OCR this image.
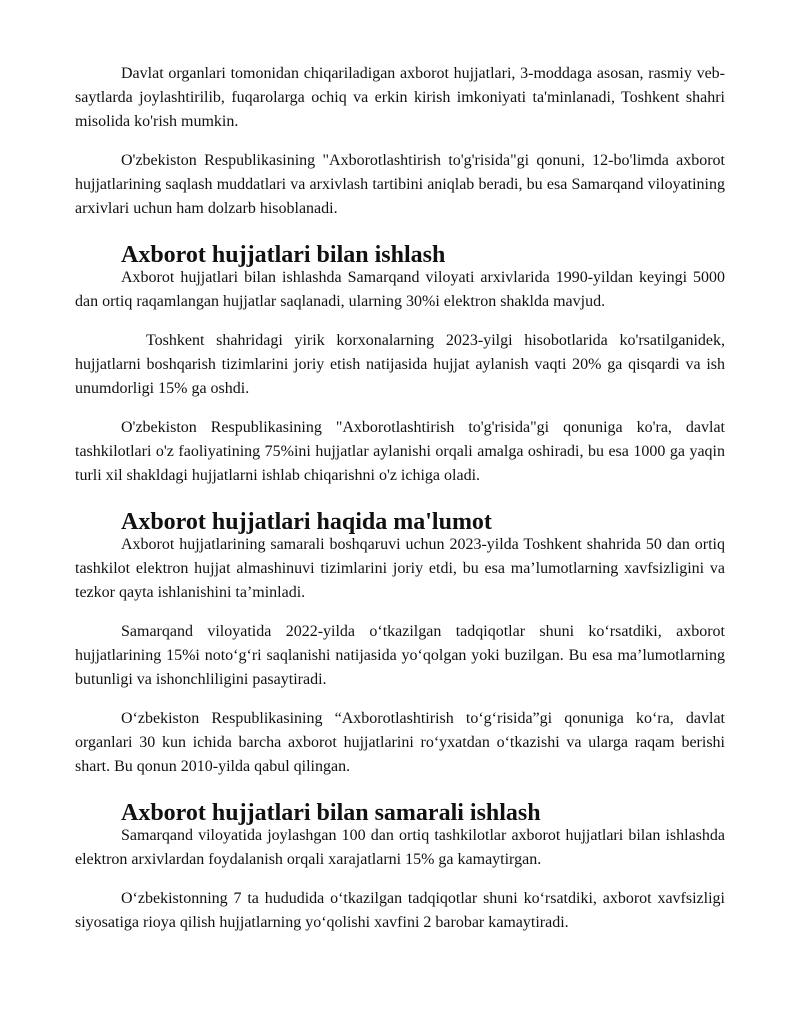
Davlat organlari tomonidan chiqariladigan axborot hujjatlari, 3-moddaga asosan, rasmiy veb-saytlarda joylashtirilib, fuqarolarga ochiq va erkin kirish imkoniyati ta'minlanadi, Toshkent shahri misolida ko'rish mumkin.

O'zbekiston Respublikasining "Axborotlashtirish to'g'risida"gi qonuni, 12-bo'limda axborot hujjatlarining saqlash muddatlari va arxivlash tartibini aniqlab beradi, bu esa Samarqand viloyatining arxivlari uchun ham dolzarb hisoblanadi.

Axborot hujjatlari bilan ishlash

Axborot hujjatlari bilan ishlashda Samarqand viloyati arxivlarida 1990-yildan keyingi 5000 dan ortiq raqamlangan hujjatlar saqlanadi, ularning 30%i elektron shaklda mavjud.

Toshkent shahridagi yirik korxonalarning 2023-yilgi hisobotlarida ko'rsatilganidek, hujjatlarni boshqarish tizimlarini joriy etish natijasida hujjat aylanish vaqti 20% ga qisqardi va ish unumdorligi 15% ga oshdi.

O'zbekiston Respublikasining "Axborotlashtirish to'g'risida"gi qonuniga ko'ra, davlat tashkilotlari o'z faoliyatining 75%ini hujjatlar aylanishi orqali amalga oshiradi, bu esa 1000 ga yaqin turli xil shakldagi hujjatlarni ishlab chiqarishni o'z ichiga oladi.

Axborot hujjatlari haqida ma'lumot

Axborot hujjatlarining samarali boshqaruvi uchun 2023-yilda Toshkent shahrida 50 dan ortiq tashkilot elektron hujjat almashinuvi tizimlarini joriy etdi, bu esa ma’lumotlarning xavfsizligini va tezkor qayta ishlanishini ta’minladi.

Samarqand viloyatida 2022-yilda o‘tkazilgan tadqiqotlar shuni ko‘rsatdiki, axborot hujjatlarining 15%i noto‘g‘ri saqlanishi natijasida yo‘qolgan yoki buzilgan. Bu esa ma’lumotlarning butunligi va ishonchliligini pasaytiradi.

O‘zbekiston Respublikasining “Axborotlashtirish to‘g‘risida”gi qonuniga ko‘ra, davlat organlari 30 kun ichida barcha axborot hujjatlarini ro‘yxatdan o‘tkazishi va ularga raqam berishi shart. Bu qonun 2010-yilda qabul qilingan.

Axborot hujjatlari bilan samarali ishlash

Samarqand viloyatida joylashgan 100 dan ortiq tashkilotlar axborot hujjatlari bilan ishlashda elektron arxivlardan foydalanish orqali xarajatlarni 15% ga kamaytirgan.

O‘zbekistonning 7 ta hududida o‘tkazilgan tadqiqotlar shuni ko‘rsatdiki, axborot xavfsizligi siyosatiga rioya qilish hujjatlarning yo‘qolishi xavfini 2 barobar kamaytiradi.
